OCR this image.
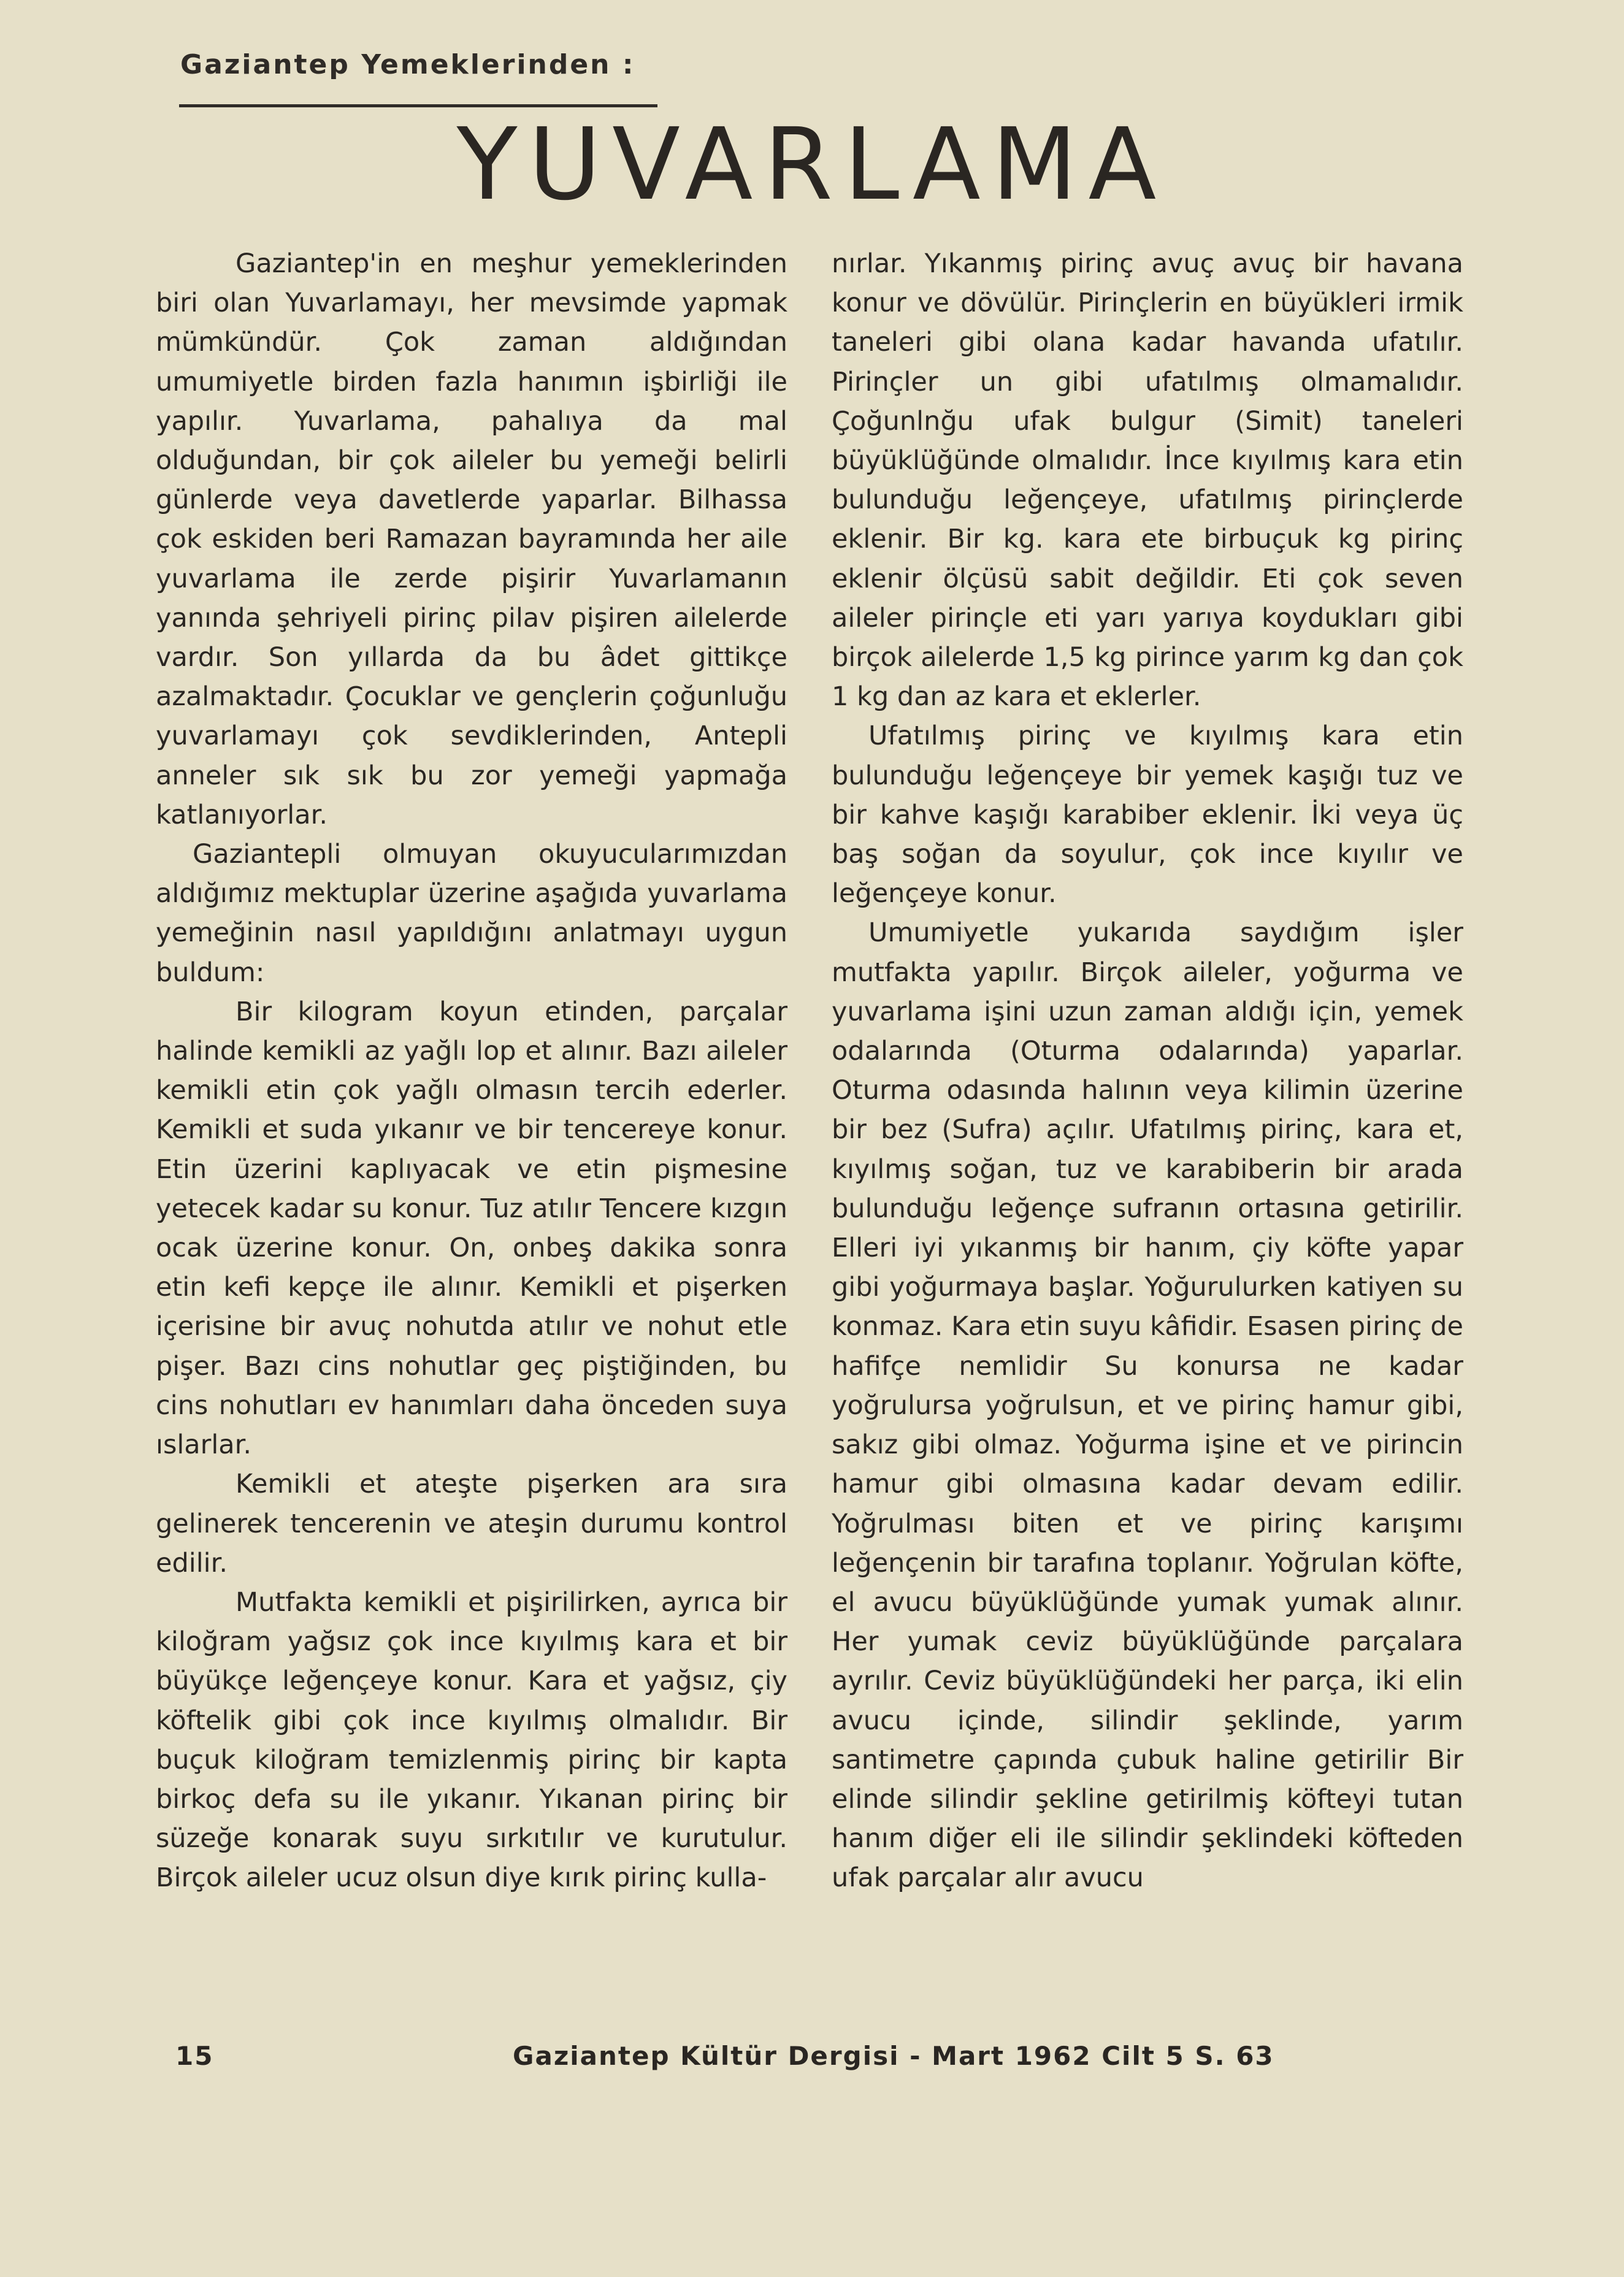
Gaziantep Yemeklerinden :

YUVARLAMA

Gaziantep'in en meşhur yemeklerinden biri olan Yuvarlamayı, her mevsimde yapmak mümkündür. Çok zaman aldığından umumiyetle birden fazla hanımın işbirliği ile yapılır. Yuvarlama, pahalıya da mal olduğundan, bir çok aileler bu yemeği belirli günlerde veya davetlerde yaparlar. Bilhassa çok eskiden beri Ramazan bayramında her aile yuvarlama ile zerde pişirir Yuvarlamanın yanında şehriyeli pirinç pilav pişiren ailelerde vardır. Son yıllarda da bu âdet gittikçe azalmaktadır. Çocuklar ve gençlerin çoğunluğu yuvarlamayı çok sevdiklerinden, Antepli anneler sık sık bu zor yemeği yapmağa katlanıyorlar.

Gaziantepli olmuyan okuyucularımızdan aldığımız mektuplar üzerine aşağıda yuvarlama yemeğinin nasıl yapıldığını anlatmayı uygun buldum:

Bir kilogram koyun etinden, parçalar halinde kemikli az yağlı lop et alınır. Bazı aileler kemikli etin çok yağlı olmasın tercih ederler. Kemikli et suda yıkanır ve bir tencereye konur. Etin üzerini kaplıyacak ve etin pişmesine yetecek kadar su konur. Tuz atılır Tencere kızgın ocak üzerine konur. On, onbeş dakika sonra etin kefi kepçe ile alınır. Kemikli et pişerken içerisine bir avuç nohutda atılır ve nohut etle pişer. Bazı cins nohutlar geç piştiğinden, bu cins nohutları ev hanımları daha önceden suya ıslarlar.

Kemikli et ateşte pişerken ara sıra gelinerek tencerenin ve ateşin durumu kontrol edilir.

Mutfakta kemikli et pişirilirken, ayrıca bir kiloğram yağsız çok ince kıyılmış kara et bir büyükçe leğençeye konur. Kara et yağsız, çiy köftelik gibi çok ince kıyılmış olmalıdır. Bir buçuk kiloğram temizlenmiş pirinç bir kapta birkoç defa su ile yıkanır. Yıkanan pirinç bir süzeğe konarak suyu sırkıtılır ve kurutulur. Birçok aileler ucuz olsun diye kırık pirinç kulla-

nırlar. Yıkanmış pirinç avuç avuç bir havana konur ve dövülür. Pirinçlerin en büyükleri irmik taneleri gibi olana kadar havanda ufatılır. Pirinçler un gibi ufatılmış olmamalıdır. Çoğunlnğu ufak bulgur (Simit) taneleri büyüklüğünde olmalıdır. İnce kıyılmış kara etin bulunduğu leğençeye, ufatılmış pirinçlerde eklenir. Bir kg. kara ete birbuçuk kg pirinç eklenir ölçüsü sabit değildir. Eti çok seven aileler pirinçle eti yarı yarıya koydukları gibi birçok ailelerde 1,5 kg pirince yarım kg dan çok 1 kg dan az kara et eklerler.

Ufatılmış pirinç ve kıyılmış kara etin bulunduğu leğençeye bir yemek kaşığı tuz ve bir kahve kaşığı karabiber eklenir. İki veya üç baş soğan da soyulur, çok ince kıyılır ve leğençeye konur.

Umumiyetle yukarıda saydığım işler mutfakta yapılır. Birçok aileler, yoğurma ve yuvarlama işini uzun zaman aldığı için, yemek odalarında (Oturma odalarında) yaparlar. Oturma odasında halının veya kilimin üzerine bir bez (Sufra) açılır. Ufatılmış pirinç, kara et, kıyılmış soğan, tuz ve karabiberin bir arada bulunduğu leğençe sufranın ortasına getirilir. Elleri iyi yıkanmış bir hanım, çiy köfte yapar gibi yoğurmaya başlar. Yoğurulurken katiyen su konmaz. Kara etin suyu kâfidir. Esasen pirinç de hafifçe nemlidir Su konursa ne kadar yoğrulursa yoğrulsun, et ve pirinç hamur gibi, sakız gibi olmaz. Yoğurma işine et ve pirincin hamur gibi olmasına kadar devam edilir. Yoğrulması biten et ve pirinç karışımı leğençenin bir tarafına toplanır. Yoğrulan köfte, el avucu büyüklüğünde yumak yumak alınır. Her yumak ceviz büyüklüğünde parçalara ayrılır. Ceviz büyüklüğündeki her parça, iki elin avucu içinde, silindir şeklinde, yarım santimetre çapında çubuk haline getirilir Bir elinde silindir şekline getirilmiş köfteyi tutan hanım diğer eli ile silindir şeklindeki köfteden ufak parçalar alır avucu

15	Gaziantep Kültür Dergisi - Mart 1962 Cilt 5 S. 63
